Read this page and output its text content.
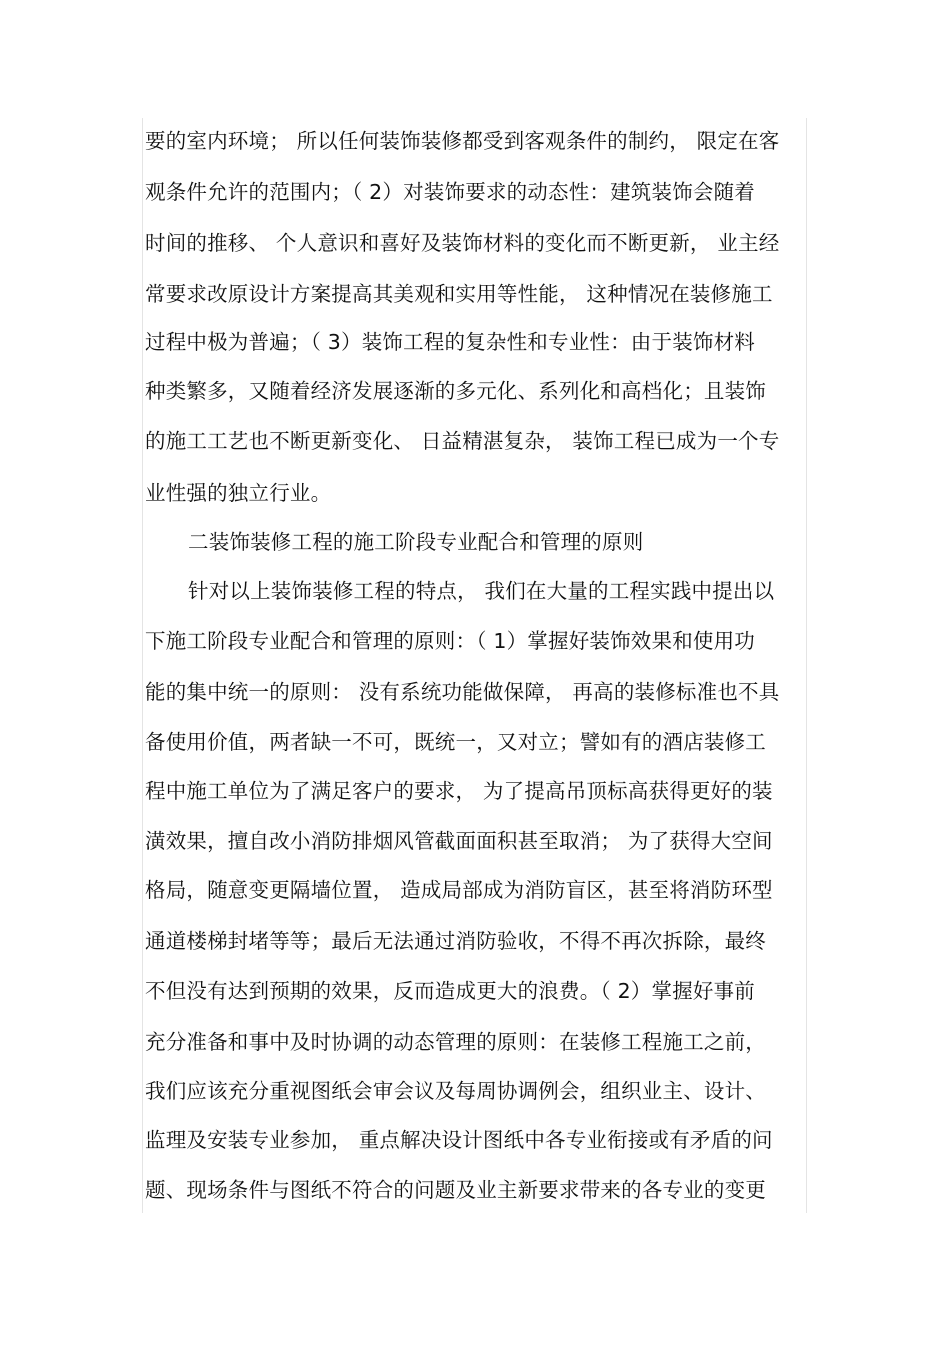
要的室内环境； 所以任何装饰装修都受到客观条件的制约， 限定在客
观条件允许的范围内；（ 2）对装饰要求的动态性：建筑装饰会随着
时间的推移、 个人意识和喜好及装饰材料的变化而不断更新， 业主经
常要求改原设计方案提高其美观和实用等性能， 这种情况在装修施工
过程中极为普遍；（ 3）装饰工程的复杂性和专业性：由于装饰材料
种类繁多，又随着经济发展逐渐的多元化、系列化和高档化；且装饰
的施工工艺也不断更新变化、 日益精湛复杂， 装饰工程已成为一个专
业性强的独立行业。
二装饰装修工程的施工阶段专业配合和管理的原则
针对以上装饰装修工程的特点， 我们在大量的工程实践中提出以
下施工阶段专业配合和管理的原则：（ 1）掌握好装饰效果和使用功
能的集中统一的原则： 没有系统功能做保障， 再高的装修标准也不具
备使用价值，两者缺一不可，既统一，又对立；譬如有的酒店装修工
程中施工单位为了满足客户的要求， 为了提高吊顶标高获得更好的装
潢效果，擅自改小消防排烟风管截面面积甚至取消； 为了获得大空间
格局，随意变更隔墙位置， 造成局部成为消防盲区，甚至将消防环型
通道楼梯封堵等等；最后无法通过消防验收，不得不再次拆除，最终
不但没有达到预期的效果，反而造成更大的浪费。（ 2）掌握好事前
充分准备和事中及时协调的动态管理的原则：在装修工程施工之前，
我们应该充分重视图纸会审会议及每周协调例会，组织业主、设计、
监理及安装专业参加， 重点解决设计图纸中各专业衔接或有矛盾的问
题、现场条件与图纸不符合的问题及业主新要求带来的各专业的变更
